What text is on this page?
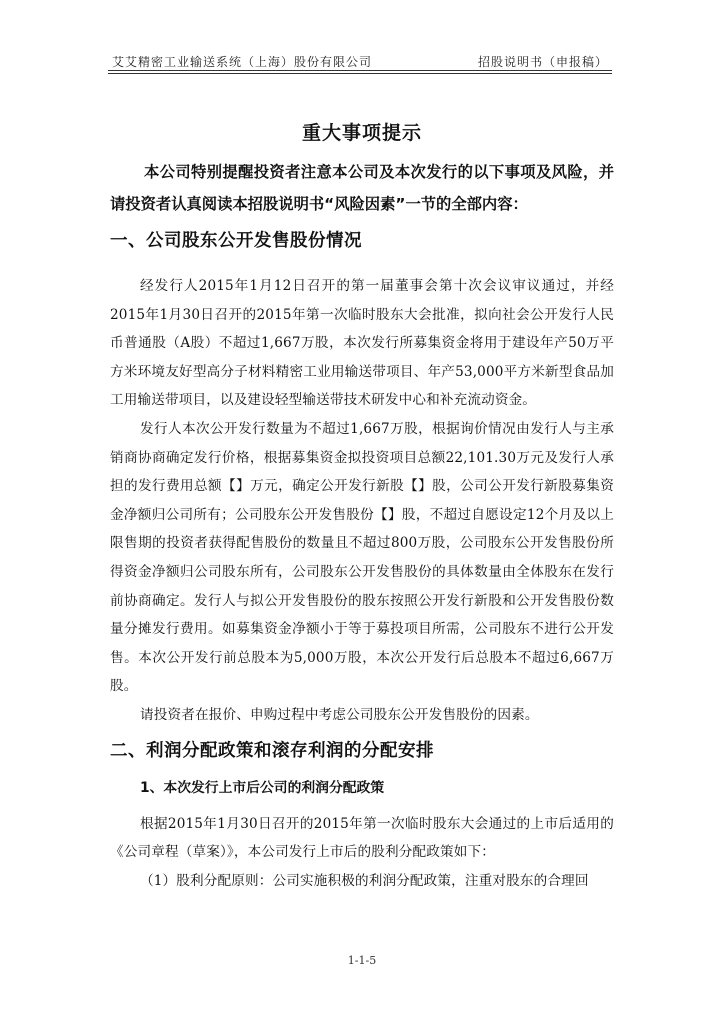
艾艾精密工业输送系统（上海）股份有限公司	招股说明书（申报稿）
重大事项提示

本公司特别提醒投资者注意本公司及本次发行的以下事项及风险，并请投资者认真阅读本招股说明书“风险因素”一节的全部内容：

一、公司股东公开发售股份情况

经发行人2015年1月12日召开的第一届董事会第十次会议审议通过，并经2015年1月30日召开的2015年第一次临时股东大会批准，拟向社会公开发行人民币普通股（A股）不超过1,667万股，本次发行所募集资金将用于建设年产50万平方米环境友好型高分子材料精密工业用输送带项目、年产53,000平方米新型食品加工用输送带项目，以及建设轻型输送带技术研发中心和补充流动资金。

发行人本次公开发行数量为不超过1,667万股，根据询价情况由发行人与主承销商协商确定发行价格，根据募集资金拟投资项目总额22,101.30万元及发行人承担的发行费用总额【】万元，确定公开发行新股【】股，公司公开发行新股募集资金净额归公司所有；公司股东公开发售股份【】股，不超过自愿设定12个月及以上限售期的投资者获得配售股份的数量且不超过800万股，公司股东公开发售股份所得资金净额归公司股东所有，公司股东公开发售股份的具体数量由全体股东在发行前协商确定。发行人与拟公开发售股份的股东按照公开发行新股和公开发售股份数量分摊发行费用。如募集资金净额小于等于募投项目所需，公司股东不进行公开发售。本次公开发行前总股本为5,000万股，本次公开发行后总股本不超过6,667万股。

请投资者在报价、申购过程中考虑公司股东公开发售股份的因素。

二、利润分配政策和滚存利润的分配安排
1、本次发行上市后公司的利润分配政策

根据2015年1月30日召开的2015年第一次临时股东大会通过的上市后适用的《公司章程（草案）》，本公司发行上市后的股利分配政策如下：

（1）股利分配原则：公司实施积极的利润分配政策，注重对股东的合理回

1-1-5
